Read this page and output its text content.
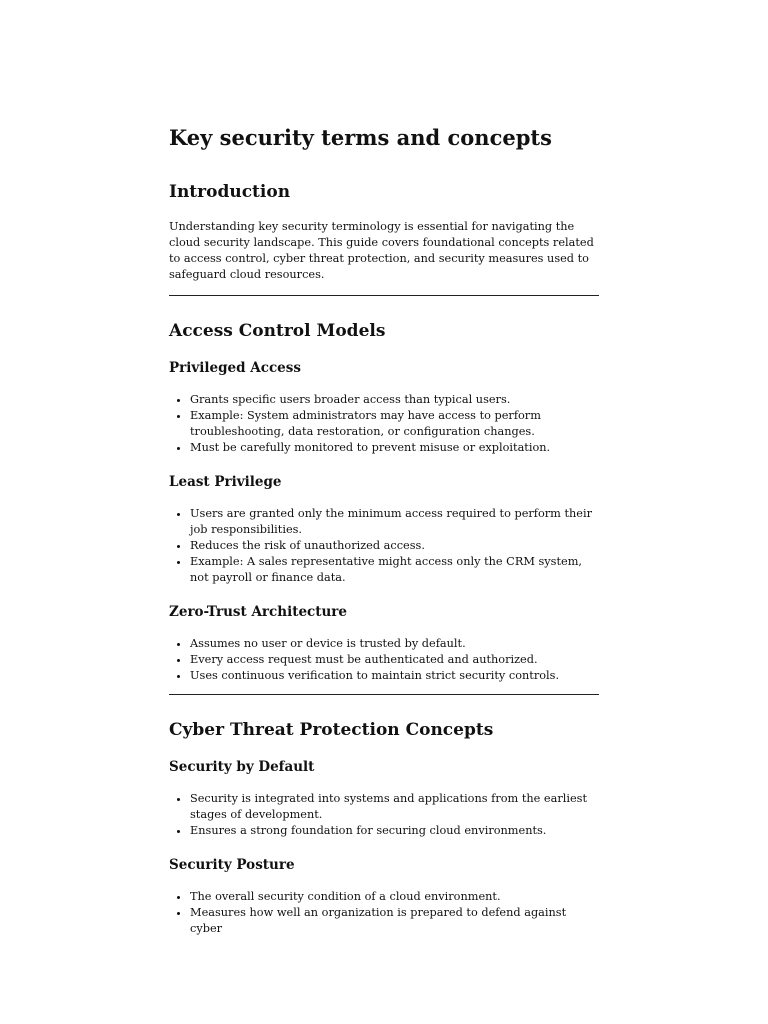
Key security terms and concepts
Introduction

Understanding key security terminology is essential for navigating the cloud security landscape. This guide covers foundational concepts related to access control, cyber threat protection, and security measures used to safeguard cloud resources.

Access Control Models
Privileged Access
• Grants specific users broader access than typical users.
• Example: System administrators may have access to perform troubleshooting, data restoration, or configuration changes.
• Must be carefully monitored to prevent misuse or exploitation.
Least Privilege
• Users are granted only the minimum access required to perform their job responsibilities.
• Reduces the risk of unauthorized access.
• Example: A sales representative might access only the CRM system, not payroll or finance data.
Zero-Trust Architecture
• Assumes no user or device is trusted by default.
• Every access request must be authenticated and authorized.
• Uses continuous verification to maintain strict security controls.
Cyber Threat Protection Concepts
Security by Default
• Security is integrated into systems and applications from the earliest stages of development.
• Ensures a strong foundation for securing cloud environments.
Security Posture
• The overall security condition of a cloud environment.
• Measures how well an organization is prepared to defend against cyber
